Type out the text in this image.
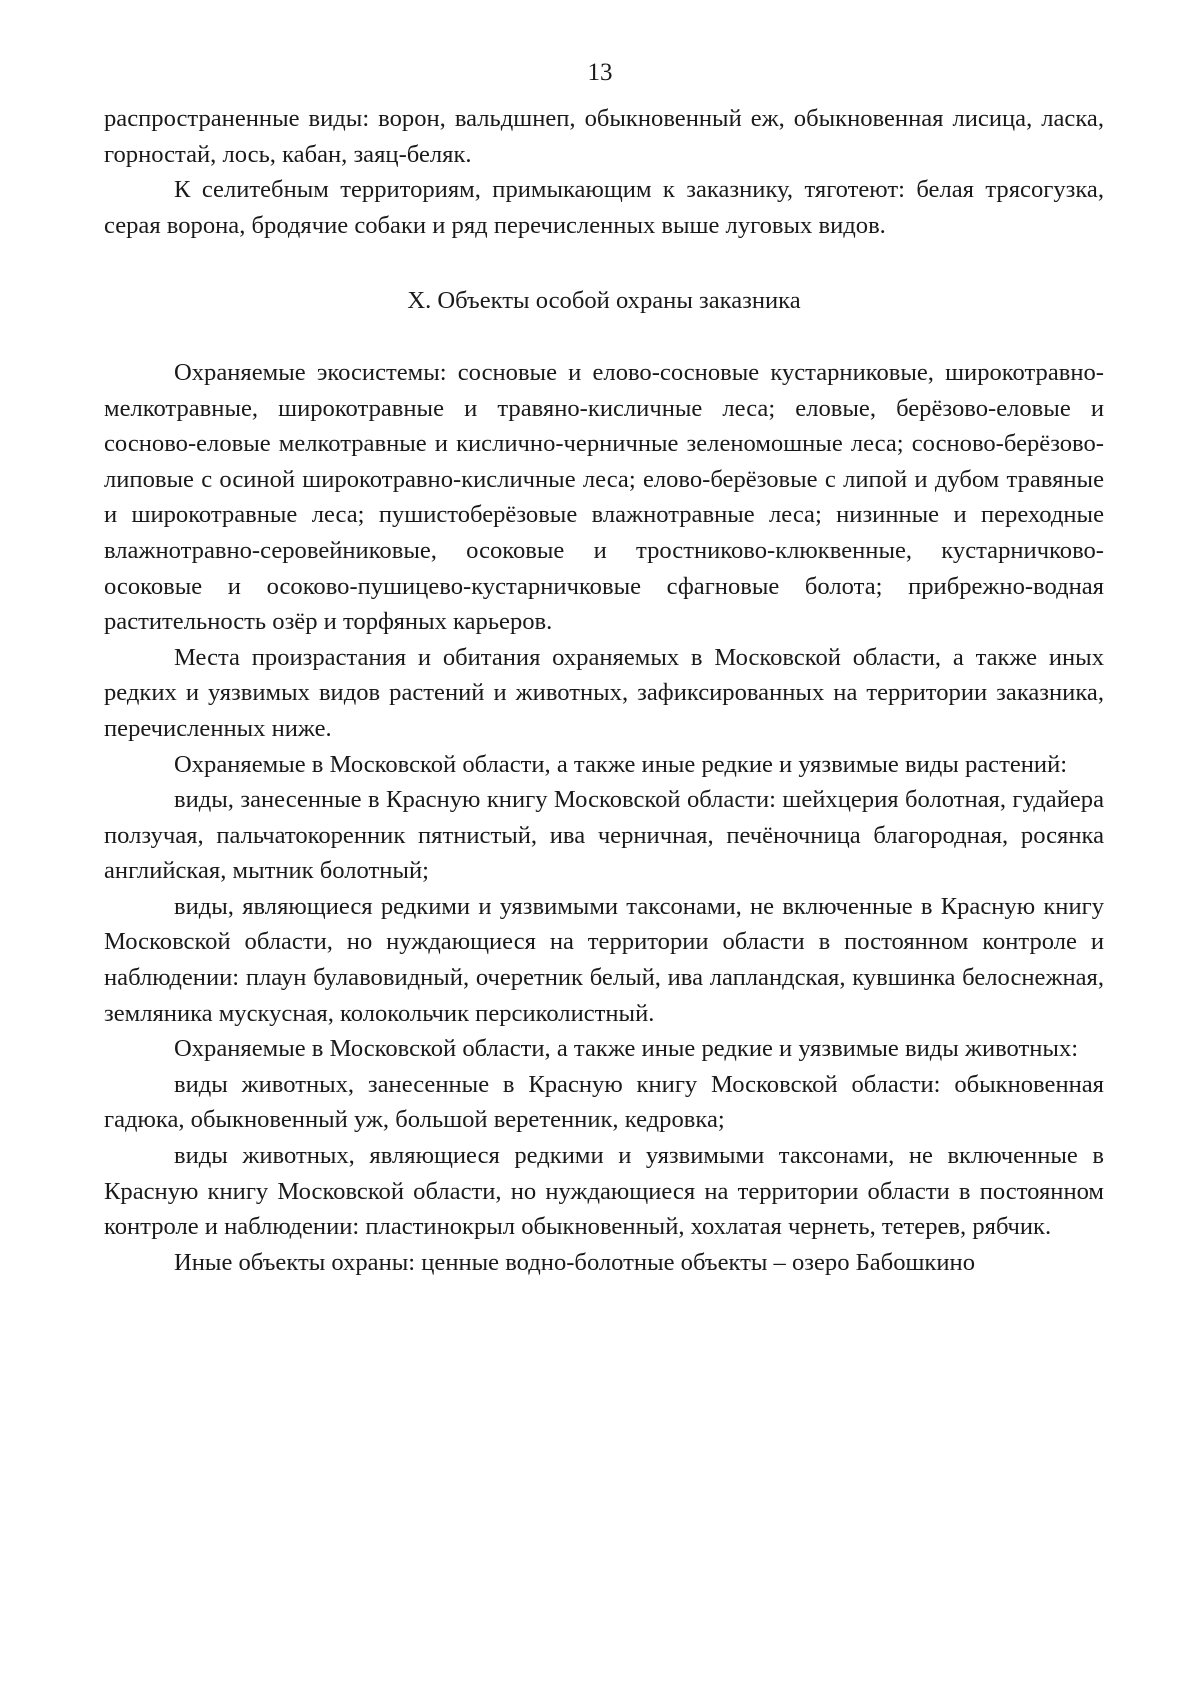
13

распространенные виды: ворон, вальдшнеп, обыкновенный еж, обыкновенная лисица, ласка, горностай, лось, кабан, заяц-беляк.

К селитебным территориям, примыкающим к заказнику, тяготеют: белая трясогузка, серая ворона, бродячие собаки и ряд перечисленных выше луговых видов.

X. Объекты особой охраны заказника

Охраняемые экосистемы: сосновые и елово-сосновые кустарниковые, широкотравно-мелкотравные, широкотравные и травяно-кисличные леса; еловые, берёзово-еловые и сосново-еловые мелкотравные и кислично-черничные зеленомошные леса; сосново-берёзово-липовые с осиной широкотравно-кисличные леса; елово-берёзовые с липой и дубом травяные и широкотравные леса; пушистоберёзовые влажнотравные леса; низинные и переходные влажнотравно-серовейниковые, осоковые и тростниково-клюквенные, кустарничково-осоковые и осоково-пушицево-кустарничковые сфагновые болота; прибрежно-водная растительность озёр и торфяных карьеров.

Места произрастания и обитания охраняемых в Московской области, а также иных редких и уязвимых видов растений и животных, зафиксированных на территории заказника, перечисленных ниже.

Охраняемые в Московской области, а также иные редкие и уязвимые виды растений:

виды, занесенные в Красную книгу Московской области: шейхцерия болотная, гудайера ползучая, пальчатокоренник пятнистый, ива черничная, печёночница благородная, росянка английская, мытник болотный;

виды, являющиеся редкими и уязвимыми таксонами, не включенные в Красную книгу Московской области, но нуждающиеся на территории области в постоянном контроле и наблюдении: плаун булавовидный, очеретник белый, ива лапландская, кувшинка белоснежная, земляника мускусная, колокольчик персиколистный.

Охраняемые в Московской области, а также иные редкие и уязвимые виды животных:

виды животных, занесенные в Красную книгу Московской области: обыкновенная гадюка, обыкновенный уж, большой веретенник, кедровка;

виды животных, являющиеся редкими и уязвимыми таксонами, не включенные в Красную книгу Московской области, но нуждающиеся на территории области в постоянном контроле и наблюдении: пластинокрыл обыкновенный, хохлатая чернеть, тетерев, рябчик.

Иные объекты охраны: ценные водно-болотные объекты – озеро Бабошкино
